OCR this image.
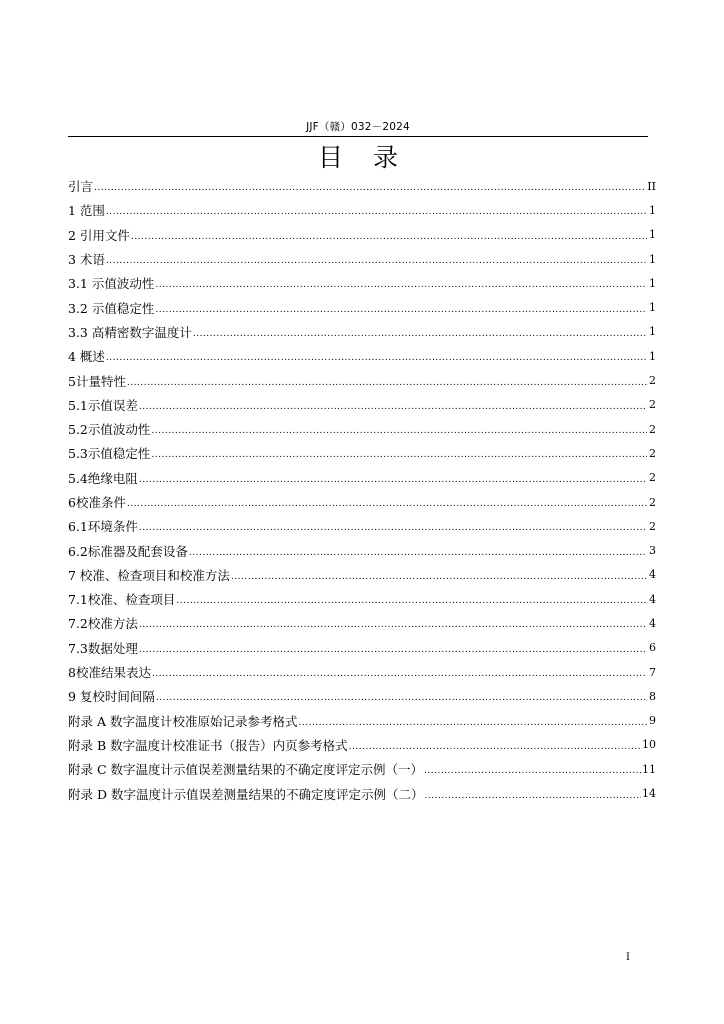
JJF（赣）032－2024
目录
引言 .....	II
1 范围 .....	1
2 引用文件 .....	1
3 术语 .....	1
3.1 示值波动性 .....	1
3.2 示值稳定性 .....	1
3.3 高精密数字温度计 .....	1
4 概述 .....	1
5计量特性 .....	2
5.1示值误差 .....	2
5.2示值波动性 .....	2
5.3示值稳定性 .....	2
5.4绝缘电阻 .....	2
6校准条件 .....	2
6.1环境条件 .....	2
6.2标准器及配套设备 .....	3
7 校准、检查项目和校准方法 .....	4
7.1校准、检查项目 .....	4
7.2校准方法 .....	4
7.3数据处理 .....	6
8校准结果表达 .....	7
9 复校时间间隔 .....	8
附录 A 数字温度计校准原始记录参考格式 .....	9
附录 B 数字温度计校准证书（报告）内页参考格式 .....	10
附录 C 数字温度计示值误差测量结果的不确定度评定示例（一） .....	11
附录 D 数字温度计示值误差测量结果的不确定度评定示例（二） .....	14
I
